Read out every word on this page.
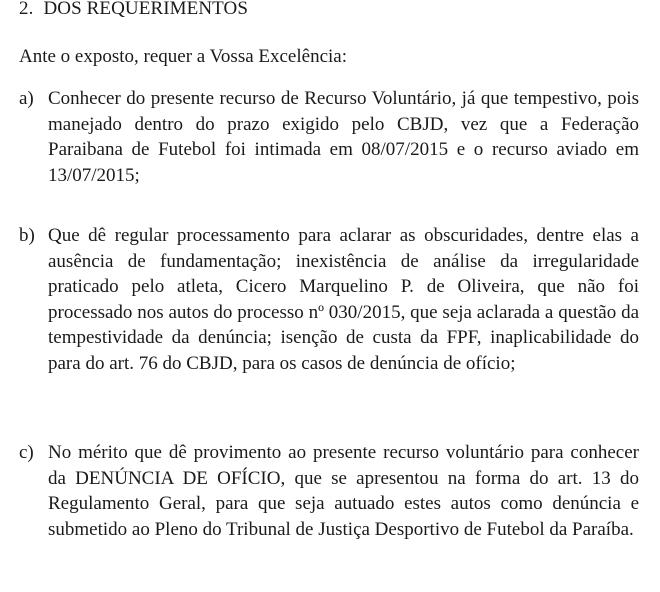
2. DOS REQUERIMENTOS
Ante o exposto, requer a Vossa Excelência:
a) Conhecer do presente recurso de Recurso Voluntário, já que tempestivo, pois manejado dentro do prazo exigido pelo CBJD, vez que a Federação Paraibana de Futebol foi intimada em 08/07/2015 e o recurso aviado em 13/07/2015;
b) Que dê regular processamento para aclarar as obscuridades, dentre elas a ausência de fundamentação; inexistência de análise da irregularidade praticado pelo atleta, Cicero Marquelino P. de Oliveira, que não foi processado nos autos do processo nº 030/2015, que seja aclarada a questão da tempestividade da denúncia; isenção de custa da FPF, inaplicabilidade do para do art. 76 do CBJD, para os casos de denúncia de ofício;
c) No mérito que dê provimento ao presente recurso voluntário para conhecer da DENÚNCIA DE OFÍCIO, que se apresentou na forma do art. 13 do Regulamento Geral, para que seja autuado estes autos como denúncia e submetido ao Pleno do Tribunal de Justiça Desportivo de Futebol da Paraíba.
